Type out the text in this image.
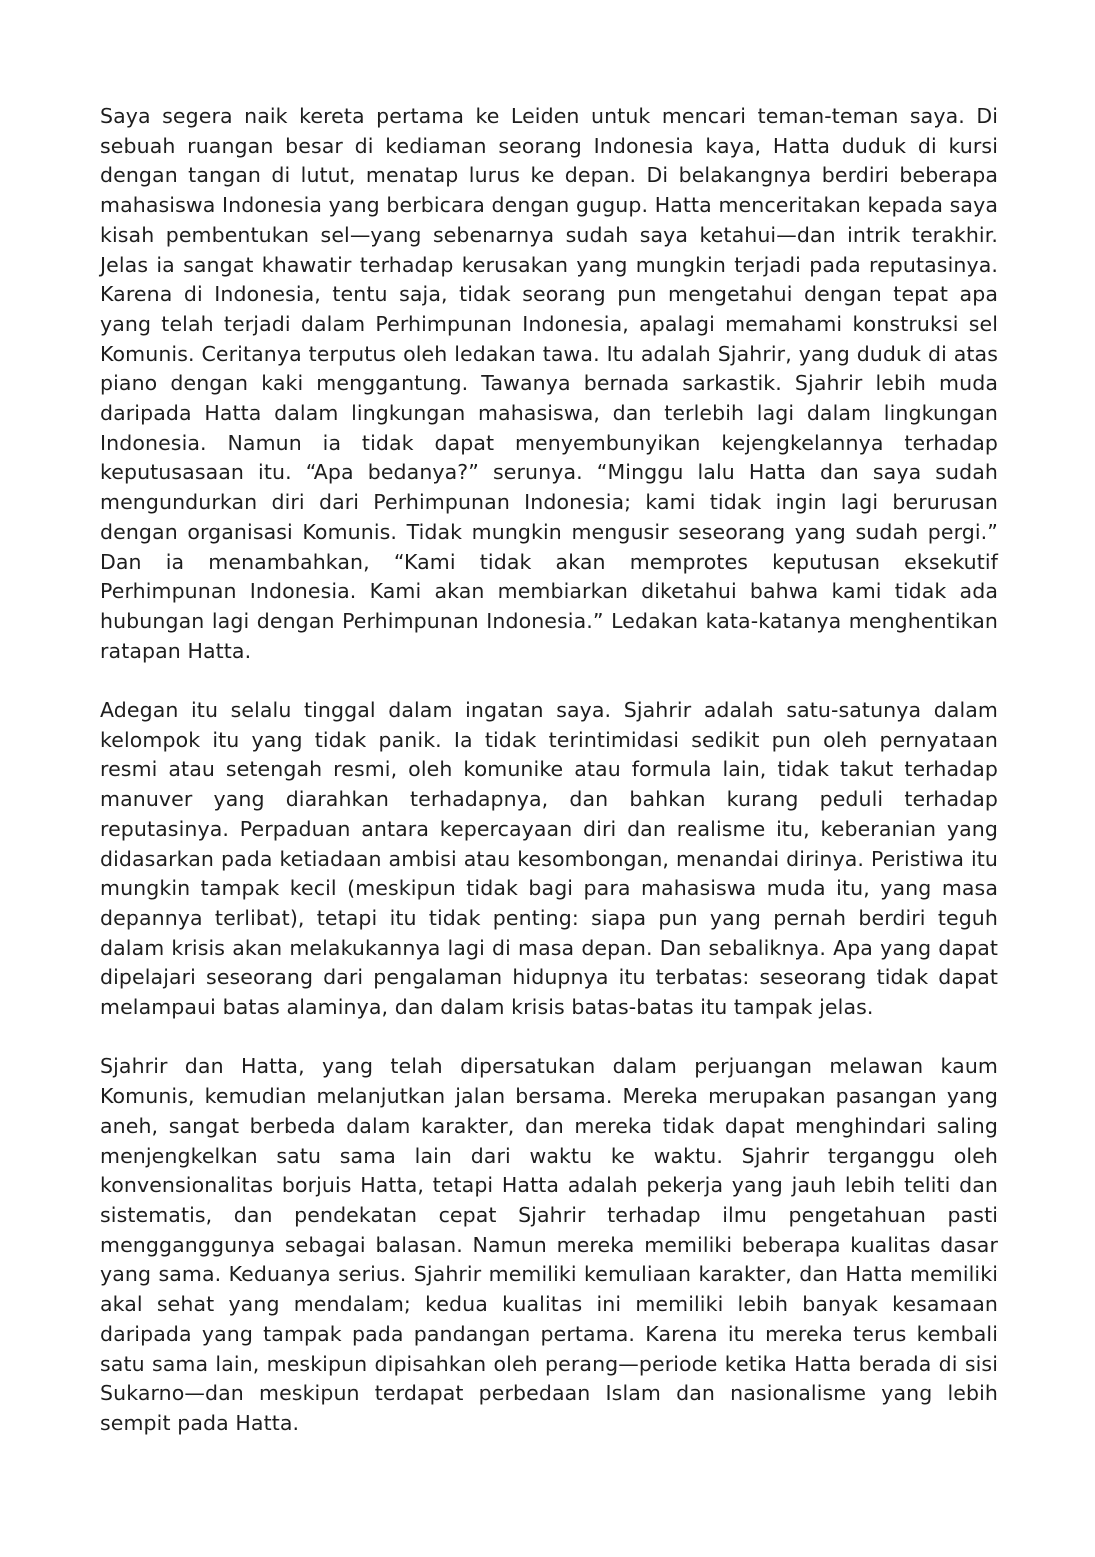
Saya segera naik kereta pertama ke Leiden untuk mencari teman-teman saya. Di sebuah ruangan besar di kediaman seorang Indonesia kaya, Hatta duduk di kursi dengan tangan di lutut, menatap lurus ke depan. Di belakangnya berdiri beberapa mahasiswa Indonesia yang berbicara dengan gugup. Hatta menceritakan kepada saya kisah pembentukan sel—yang sebenarnya sudah saya ketahui—dan intrik terakhir. Jelas ia sangat khawatir terhadap kerusakan yang mungkin terjadi pada reputasinya. Karena di Indonesia, tentu saja, tidak seorang pun mengetahui dengan tepat apa yang telah terjadi dalam Perhimpunan Indonesia, apalagi memahami konstruksi sel Komunis. Ceritanya terputus oleh ledakan tawa. Itu adalah Sjahrir, yang duduk di atas piano dengan kaki menggantung. Tawanya bernada sarkastik. Sjahrir lebih muda daripada Hatta dalam lingkungan mahasiswa, dan terlebih lagi dalam lingkungan Indonesia. Namun ia tidak dapat menyembunyikan kejengkelannya terhadap keputusasaan itu. “Apa bedanya?” serunya. “Minggu lalu Hatta dan saya sudah mengundurkan diri dari Perhimpunan Indonesia; kami tidak ingin lagi berurusan dengan organisasi Komunis. Tidak mungkin mengusir seseorang yang sudah pergi.” Dan ia menambahkan, “Kami tidak akan memprotes keputusan eksekutif Perhimpunan Indonesia. Kami akan membiarkan diketahui bahwa kami tidak ada hubungan lagi dengan Perhimpunan Indonesia.” Ledakan kata-katanya menghentikan ratapan Hatta.

Adegan itu selalu tinggal dalam ingatan saya. Sjahrir adalah satu-satunya dalam kelompok itu yang tidak panik. Ia tidak terintimidasi sedikit pun oleh pernyataan resmi atau setengah resmi, oleh komunike atau formula lain, tidak takut terhadap manuver yang diarahkan terhadapnya, dan bahkan kurang peduli terhadap reputasinya. Perpaduan antara kepercayaan diri dan realisme itu, keberanian yang didasarkan pada ketiadaan ambisi atau kesombongan, menandai dirinya. Peristiwa itu mungkin tampak kecil (meskipun tidak bagi para mahasiswa muda itu, yang masa depannya terlibat), tetapi itu tidak penting: siapa pun yang pernah berdiri teguh dalam krisis akan melakukannya lagi di masa depan. Dan sebaliknya. Apa yang dapat dipelajari seseorang dari pengalaman hidupnya itu terbatas: seseorang tidak dapat melampaui batas alaminya, dan dalam krisis batas-batas itu tampak jelas.

Sjahrir dan Hatta, yang telah dipersatukan dalam perjuangan melawan kaum Komunis, kemudian melanjutkan jalan bersama. Mereka merupakan pasangan yang aneh, sangat berbeda dalam karakter, dan mereka tidak dapat menghindari saling menjengkelkan satu sama lain dari waktu ke waktu. Sjahrir terganggu oleh konvensionalitas borjuis Hatta, tetapi Hatta adalah pekerja yang jauh lebih teliti dan sistematis, dan pendekatan cepat Sjahrir terhadap ilmu pengetahuan pasti mengganggunya sebagai balasan. Namun mereka memiliki beberapa kualitas dasar yang sama. Keduanya serius. Sjahrir memiliki kemuliaan karakter, dan Hatta memiliki akal sehat yang mendalam; kedua kualitas ini memiliki lebih banyak kesamaan daripada yang tampak pada pandangan pertama. Karena itu mereka terus kembali satu sama lain, meskipun dipisahkan oleh perang—periode ketika Hatta berada di sisi Sukarno—dan meskipun terdapat perbedaan Islam dan nasionalisme yang lebih sempit pada Hatta.
